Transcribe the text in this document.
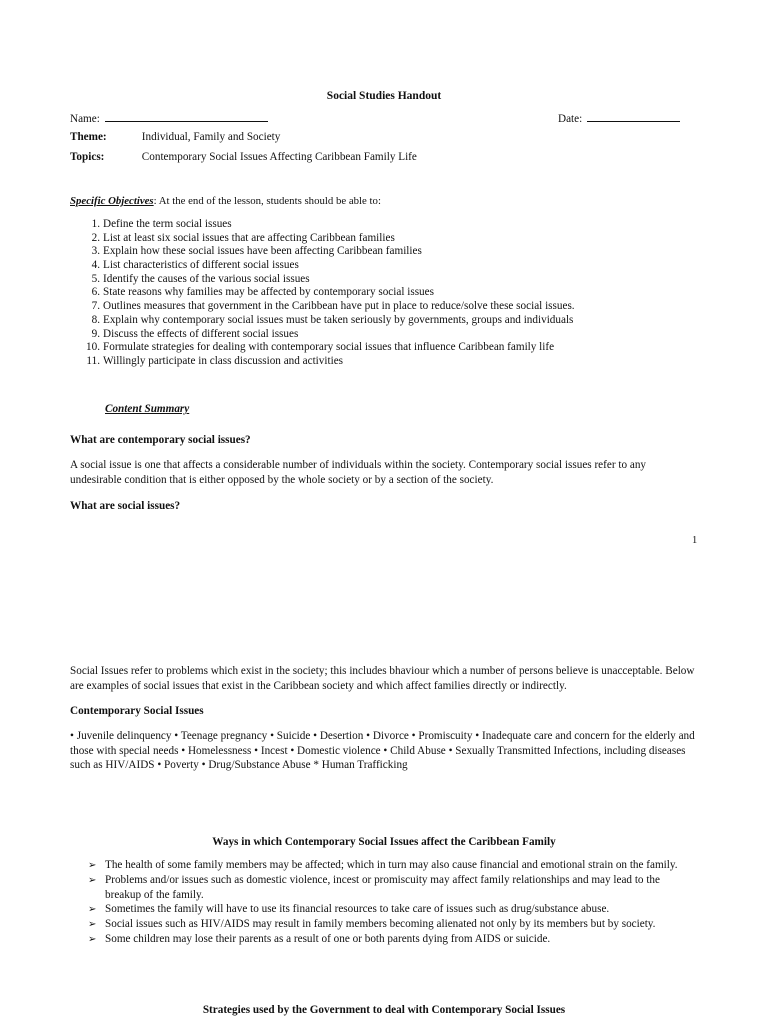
Social Studies Handout
Name:	Date:
Theme:	Individual, Family and Society
Topics:	Contemporary Social Issues Affecting Caribbean Family Life
Specific Objectives: At the end of the lesson, students should be able to:
1. Define the term social issues
2. List at least six social issues that are affecting Caribbean families
3. Explain how these social issues have been affecting Caribbean families
4. List characteristics of different social issues
5. Identify the causes of the various social issues
6. State reasons why families may be affected by contemporary social issues
7. Outlines measures that government in the Caribbean have put in place to reduce/solve these social issues.
8. Explain why contemporary social issues must be taken seriously by governments, groups and individuals
9. Discuss the effects of different social issues
10. Formulate strategies for dealing with contemporary social issues that influence Caribbean family life
11. Willingly participate in class discussion and activities
Content Summary
What are contemporary social issues?
A social issue is one that affects a considerable number of individuals within the society. Contemporary social issues refer to any undesirable condition that is either opposed by the whole society or by a section of the society.
What are social issues?
1
Social Issues refer to problems which exist in the society; this includes bhaviour which a number of persons believe is unacceptable. Below are examples of social issues that exist in the Caribbean society and which affect families directly or indirectly.
Contemporary Social Issues
• Juvenile delinquency • Teenage pregnancy • Suicide • Desertion • Divorce • Promiscuity • Inadequate care and concern for the elderly and those with special needs • Homelessness • Incest • Domestic violence • Child Abuse • Sexually Transmitted Infections, including diseases such as HIV/AIDS • Poverty • Drug/Substance Abuse * Human Trafficking
Ways in which Contemporary Social Issues affect the Caribbean Family
➢ The health of some family members may be affected; which in turn may also cause financial and emotional strain on the family.
➢ Problems and/or issues such as domestic violence, incest or promiscuity may affect family relationships and may lead to the breakup of the family.
➢ Sometimes the family will have to use its financial resources to take care of issues such as drug/substance abuse.
➢ Social issues such as HIV/AIDS may result in family members becoming alienated not only by its members but by society.
➢ Some children may lose their parents as a result of one or both parents dying from AIDS or suicide.
Strategies used by the Government to deal with Contemporary Social Issues
